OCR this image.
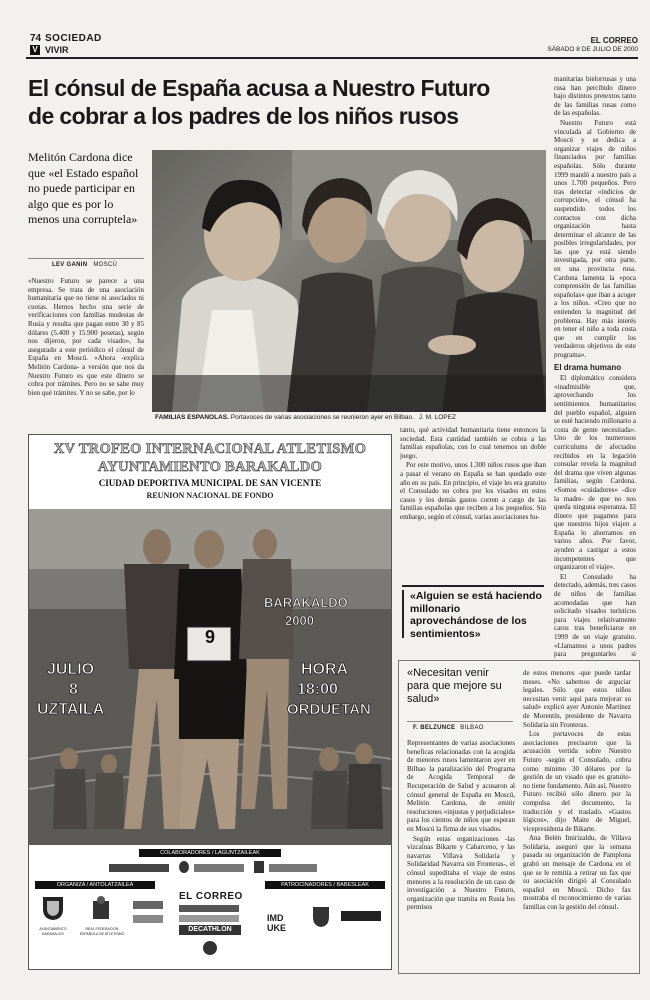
74 SOCIEDAD
V VIVIR
EL CORREO
SÁBADO 8 DE JULIO DE 2000
El cónsul de España acusa a Nuestro Futuro
de cobrar a los padres de los niños rusos

manitarias bielorrusas y una rusa han percibido dinero bajo distintos pretextos tanto de las familias rusas como de las españolas.

Nuestro Futuro está vinculada al Gobierno de Moscú y se dedica a organizar viajes de niños financiados por familias españolas. Sólo durante 1999 mandó a nuestro país a unos 1.700 pequeños. Pero tras detectar «indicios de corrupción», el cónsul ha suspendido todos los contactos con dicha organización hasta determinar el alcance de las posibles irregularidades, por las que ya está siendo investigada, por otra parte, en una provincia rusa. Cardona lamenta la «poca comprensión de las familias españolas» que iban a acoger a los niños. «Creo que no entienden la magnitud del problema. Hay más interés en tener el niño a toda costa que en cumplir los verdaderos objetivos de este programa».

El drama humano

El diplomático considera «inadmisible que, aprovechando los sentimientos humanitarios del pueblo español, alguien se esté haciendo millonario a costa de gente necesitada». Uno de los numerosos curriculums de afectados recibidos en la legación consular revela la magnitud del drama que viven algunas familias, según Cardona. «Somos «cuidadores» -dice la madre- de que no nos queda ninguna esperanza. El dinero que pagamos para que nuestros hijos viajen a España lo ahorramos en varios años. Por favor, ayuden a castigar a estos incompetentes que organizaron el viaje».

El Consulado ha detectado, además, tres casos de niños de familias acomodadas que han solicitado visados turísticos para viajes relativamente caros tras beneficiarse en 1999 de un viaje gratuito. «Llamamos a unos padres para preguntarles si

Melitón Cardona dice que «el Estado español no puede participar en algo que es por lo menos una corruptela»
LEV GANIN MOSCÚ
«Nuestro Futuro se parece a una empresa. Se trata de una asociación humanitaria que no tiene ni asociados ni cuotas. Hemos hecho una serie de verificaciones con familias modestas de Rusia y resulta que pagan entre 30 y 85 dólares (5.400 y 15.900 pesetas), según nos dijeron, por cada visado», ha asegurado a este periódico el cónsul de España en Moscú. «Ahora -explica Melitón Cardona- a versión que nos da Nuestro Futuro es que este dinero se cobra por trámites. Pero no se sabe muy bien qué trámites. Y no se sabe, por lo
FAMILIAS ESPAÑOLAS. Portavoces de varias asociaciones se reunieron ayer en Bilbao. J. M. LÓPEZ
XV TROFEO INTERNACIONAL ATLETISMO
AYUNTAMIENTO BARAKALDO
CIUDAD DEPORTIVA MUNICIPAL DE SAN VICENTE
REUNION NACIONAL DE FONDO
9
BARAKALDO
2000
JULIO
8
UZTAILA
HORA
18:00
ORDUETAN
COLABORADORES / LAGUNTZAILEAK
ORGANIZA / ANTOLATZAILEA	PATROCINADORES / BABESLEAK
AYUNTAMIENTO BARAKALDO
REAL FEDERACION ESPAÑOLA DE ATLETISMO
EL CORREO
DECATHLON
IMD
UKE

tanto, qué actividad humanitaria tiene entonces la sociedad. Esta cantidad también se cobra a las familias españolas, con lo cual tenemos un doble juego.

Por este motivo, unos 1.300 niños rusos que iban a pasar el verano en España se han quedado este año en su país. En principio, el viaje les era gratuito el Consulado no cobra por los visados en estos casos y los demás gastos corren a cargo de las familias españolas que reciben a los pequeños. Sin embargo, según el cónsul, varias asociaciones hu-

«Alguien se está haciendo millonario aprovechándose de los sentimientos»
«Necesitan venir para que mejore su salud»
F. BELZUNCE BILBAO

Representantes de varias asociaciones beneficas relacionadas con la acogida de menores rusos lamentaron ayer en Bilbao la paralización del Programa de Acogida Temporal de Recuperación de Salud y acusaron al cónsul general de España en Moscú, Melitón Cardona, de emitir resoluciones «injustas y perjudiciales» para los cientos de niños que esperan en Moscú la firma de sus visados.

Según estas organizaciones -las vizcaínas Bikarte y Cabarceno, y las navarras Villava Solidaria y Solidaridad Navarra sin Fronteras-, el cónsul supeditaba el viaje de estos menores a la resolución de un caso de investigación a Nuestro Futuro, organización que tramita en Rusia los permisos

de estos menores -que puede tardar meses. «No sabemos de arguciar legales. Sólo que estos niños necesitan venir aquí para mejorar su salud» explicó ayer Antonio Martínez de Morentín, presidente de Navarra Solidaria sin Fronteras.

Los portavoces de estas asociaciones precisaron que la acusación vertida sobre Nuestro Futuro -según el Consulado, cobra como mínimo 30 dólares por la gestión de un visado que es gratuito- no tiene fundamento. Aún así, Nuestro Futuro recibió sólo dinero por la compulsa del documento, la traducción y el traslado. «Gastos lógicos», dijo Maite de Miguel, vicepresidenta de Bikarte.

Ana Belén Imirizaldu, de Villava Solidaria, aseguró que la semana pasada su organización de Pamplona grabó un mensaje de Cardona en el que se le remitía a retirar un fax que su asociación dirigió al Consulado español en Moscú. Dicho fax mostraba el reconocimiento de varias familias con la gestión del cónsul.
